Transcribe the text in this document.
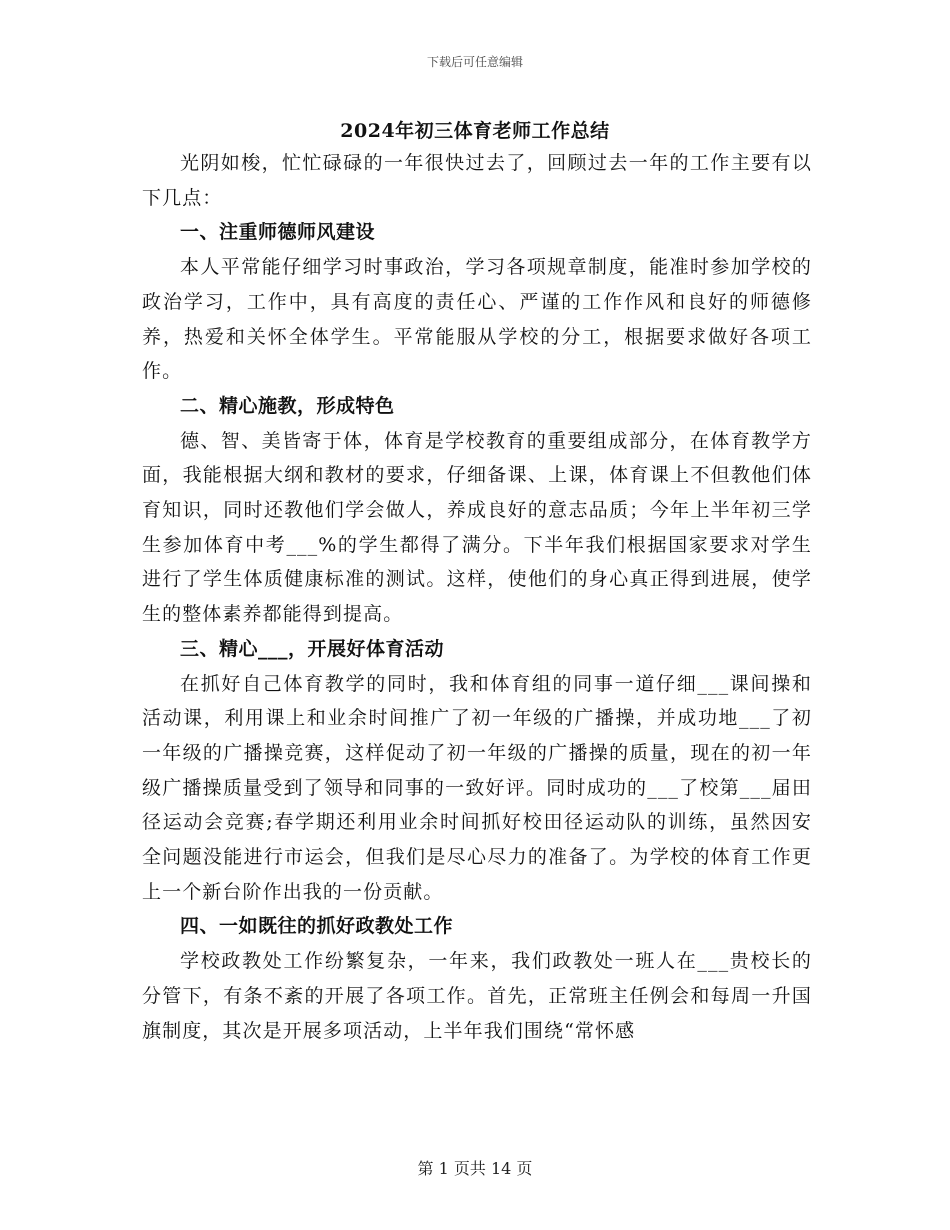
下载后可任意编辑
2024年初三体育老师工作总结

光阴如梭，忙忙碌碌的一年很快过去了，回顾过去一年的工作主要有以下几点：

一、注重师德师风建设

本人平常能仔细学习时事政治，学习各项规章制度，能准时参加学校的政治学习，工作中，具有高度的责任心、严谨的工作作风和良好的师德修养，热爱和关怀全体学生。平常能服从学校的分工，根据要求做好各项工作。

二、精心施教，形成特色

德、智、美皆寄于体，体育是学校教育的重要组成部分，在体育教学方面，我能根据大纲和教材的要求，仔细备课、上课，体育课上不但教他们体育知识，同时还教他们学会做人，养成良好的意志品质；今年上半年初三学生参加体育中考___%的学生都得了满分。下半年我们根据国家要求对学生进行了学生体质健康标准的测试。这样，使他们的身心真正得到进展，使学生的整体素养都能得到提高。

三、精心___，开展好体育活动

在抓好自己体育教学的同时，我和体育组的同事一道仔细___课间操和活动课，利用课上和业余时间推广了初一年级的广播操，并成功地___了初一年级的广播操竞赛，这样促动了初一年级的广播操的质量，现在的初一年级广播操质量受到了领导和同事的一致好评。同时成功的___了校第___届田径运动会竞赛;春学期还利用业余时间抓好校田径运动队的训练，虽然因安全问题没能进行市运会，但我们是尽心尽力的准备了。为学校的体育工作更上一个新台阶作出我的一份贡献。

四、一如既往的抓好政教处工作

学校政教处工作纷繁复杂，一年来，我们政教处一班人在___贵校长的分管下，有条不紊的开展了各项工作。首先，正常班主任例会和每周一升国旗制度，其次是开展多项活动，上半年我们围绕“常怀感

第 1 页共 14 页
